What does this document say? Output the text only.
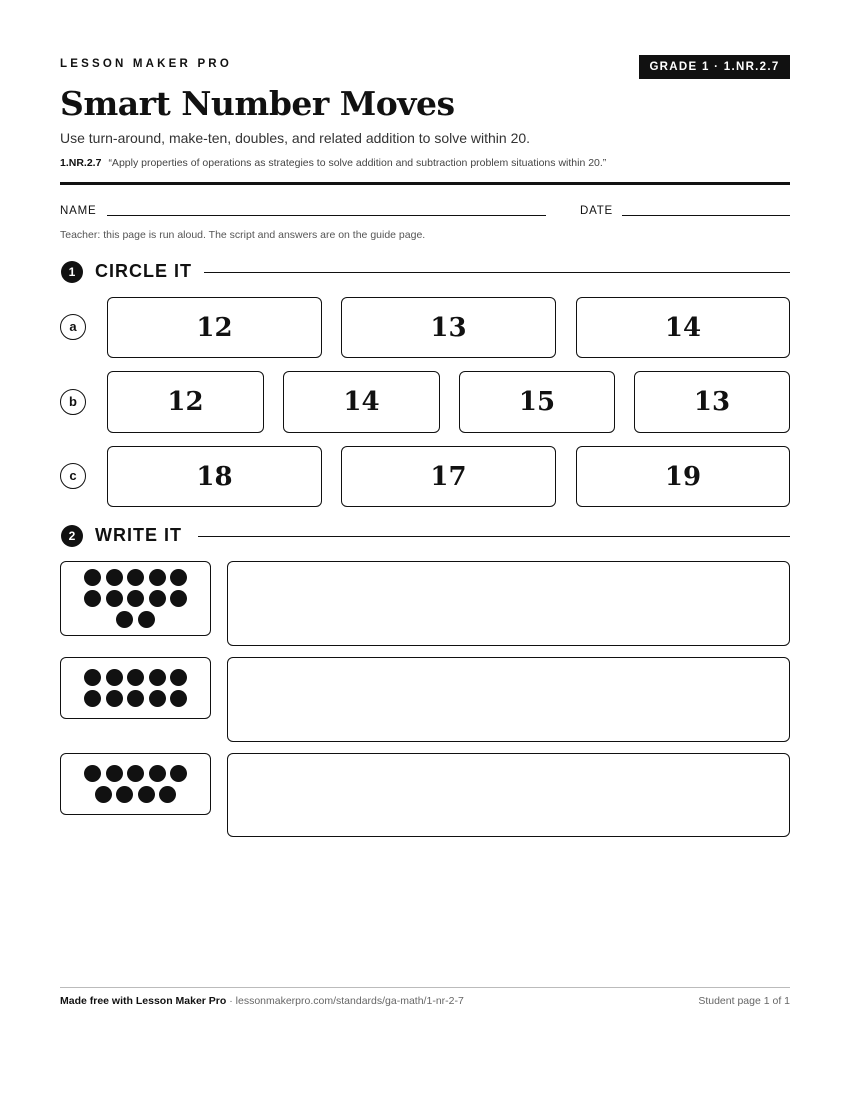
LESSON MAKER PRO	GRADE 1 · 1.NR.2.7
Smart Number Moves
Use turn-around, make-ten, doubles, and related addition to solve within 20.
1.NR.2.7 “Apply properties of operations as strategies to solve addition and subtraction problem situations within 20.”
NAME	DATE
Teacher: this page is run aloud. The script and answers are on the guide page.
1	CIRCLE IT
a	12	13	14
b	12	14	15	13
c	18	17	19
2	WRITE IT
Made free with Lesson Maker Pro · lessonmakerpro.com/standards/ga-math/1-nr-2-7	Student page 1 of 1
